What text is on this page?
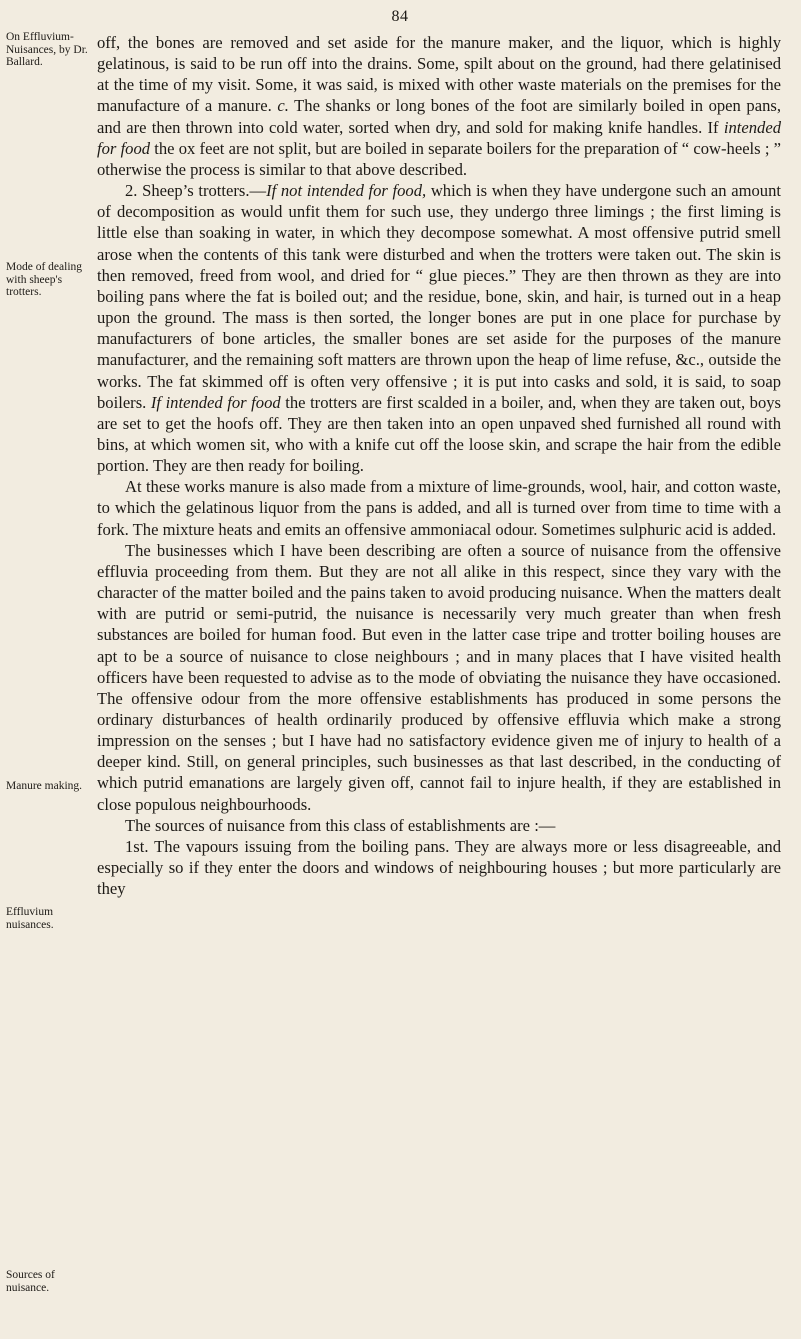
84
On Effluvium-Nuisances, by Dr. Ballard.
Mode of dealing with sheep's trotters.
Manure making.
Effluvium nuisances.
Sources of nuisance.

off, the bones are removed and set aside for the manure maker, and the liquor, which is highly gelatinous, is said to be run off into the drains. Some, spilt about on the ground, had there gelatinised at the time of my visit. Some, it was said, is mixed with other waste materials on the premises for the manufacture of a manure. c. The shanks or long bones of the foot are similarly boiled in open pans, and are then thrown into cold water, sorted when dry, and sold for making knife handles. If intended for food the ox feet are not split, but are boiled in separate boilers for the preparation of “ cow-heels ; ” otherwise the process is similar to that above described.

2. Sheep’s trotters.—If not intended for food, which is when they have undergone such an amount of decomposition as would unfit them for such use, they undergo three limings ; the first liming is little else than soaking in water, in which they decompose somewhat. A most offensive putrid smell arose when the contents of this tank were disturbed and when the trotters were taken out. The skin is then removed, freed from wool, and dried for “ glue pieces.” They are then thrown as they are into boiling pans where the fat is boiled out; and the residue, bone, skin, and hair, is turned out in a heap upon the ground. The mass is then sorted, the longer bones are put in one place for purchase by manufacturers of bone articles, the smaller bones are set aside for the purposes of the manure manufacturer, and the remaining soft matters are thrown upon the heap of lime refuse, &c., outside the works. The fat skimmed off is often very offensive ; it is put into casks and sold, it is said, to soap boilers. If intended for food the trotters are first scalded in a boiler, and, when they are taken out, boys are set to get the hoofs off. They are then taken into an open unpaved shed furnished all round with bins, at which women sit, who with a knife cut off the loose skin, and scrape the hair from the edible portion. They are then ready for boiling.

At these works manure is also made from a mixture of lime-grounds, wool, hair, and cotton waste, to which the gelatinous liquor from the pans is added, and all is turned over from time to time with a fork. The mixture heats and emits an offensive ammoniacal odour. Sometimes sulphuric acid is added.

The businesses which I have been describing are often a source of nuisance from the offensive effluvia proceeding from them. But they are not all alike in this respect, since they vary with the character of the matter boiled and the pains taken to avoid producing nuisance. When the matters dealt with are putrid or semi-putrid, the nuisance is necessarily very much greater than when fresh substances are boiled for human food. But even in the latter case tripe and trotter boiling houses are apt to be a source of nuisance to close neighbours ; and in many places that I have visited health officers have been requested to advise as to the mode of obviating the nuisance they have occasioned. The offensive odour from the more offensive establishments has produced in some persons the ordinary disturbances of health ordinarily produced by offensive effluvia which make a strong impression on the senses ; but I have had no satisfactory evidence given me of injury to health of a deeper kind. Still, on general principles, such businesses as that last described, in the conducting of which putrid emanations are largely given off, cannot fail to injure health, if they are established in close populous neighbourhoods.

The sources of nuisance from this class of establishments are :—

1st. The vapours issuing from the boiling pans. They are always more or less disagreeable, and especially so if they enter the doors and windows of neighbouring houses ; but more particularly are they
